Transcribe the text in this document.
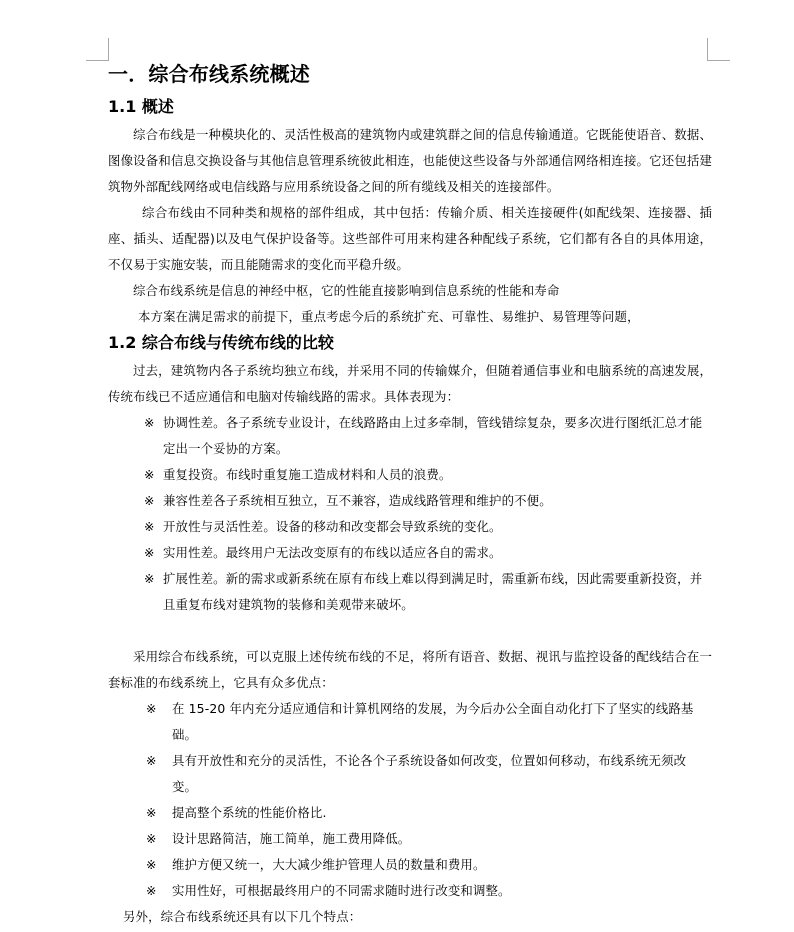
一．综合布线系统概述
1.1 概述
综合布线是一种模块化的、灵活性极高的建筑物内或建筑群之间的信息传输通道。它既能使语音、数据、图像设备和信息交换设备与其他信息管理系统彼此相连，也能使这些设备与外部通信网络相连接。它还包括建筑物外部配线网络或电信线路与应用系统设备之间的所有缆线及相关的连接部件。
综合布线由不同种类和规格的部件组成，其中包括：传输介质、相关连接硬件(如配线架、连接器、插座、插头、适配器)以及电气保护设备等。这些部件可用来构建各种配线子系统，它们都有各自的具体用途，不仅易于实施安装，而且能随需求的变化而平稳升级。
综合布线系统是信息的神经中枢，它的性能直接影响到信息系统的性能和寿命
本方案在满足需求的前提下，重点考虑今后的系统扩充、可靠性、易维护、易管理等问题，
1.2 综合布线与传统布线的比较
过去，建筑物内各子系统均独立布线，并采用不同的传输媒介，但随着通信事业和电脑系统的高速发展，传统布线已不适应通信和电脑对传输线路的需求。具体表现为：
※ 协调性差。各子系统专业设计，在线路路由上过多牵制，管线错综复杂，要多次进行图纸汇总才能定出一个妥协的方案。
※ 重复投资。布线时重复施工造成材料和人员的浪费。
※ 兼容性差各子系统相互独立，互不兼容，造成线路管理和维护的不便。
※ 开放性与灵活性差。设备的移动和改变都会导致系统的变化。
※ 实用性差。最终用户无法改变原有的布线以适应各自的需求。
※ 扩展性差。新的需求或新系统在原有布线上难以得到满足时，需重新布线，因此需要重新投资，并且重复布线对建筑物的装修和美观带来破坏。
采用综合布线系统，可以克服上述传统布线的不足，将所有语音、数据、视讯与监控设备的配线结合在一套标准的布线系统上，它具有众多优点：
※ 在 15-20 年内充分适应通信和计算机网络的发展，为今后办公全面自动化打下了坚实的线路基础。
※ 具有开放性和充分的灵活性，不论各个子系统设备如何改变，位置如何移动，布线系统无须改变。
※ 提高整个系统的性能价格比.
※ 设计思路简洁，施工简单，施工费用降低。
※ 维护方便又统一，大大减少维护管理人员的数量和费用。
※ 实用性好，可根据最终用户的不同需求随时进行改变和调整。
另外，综合布线系统还具有以下几个特点：
